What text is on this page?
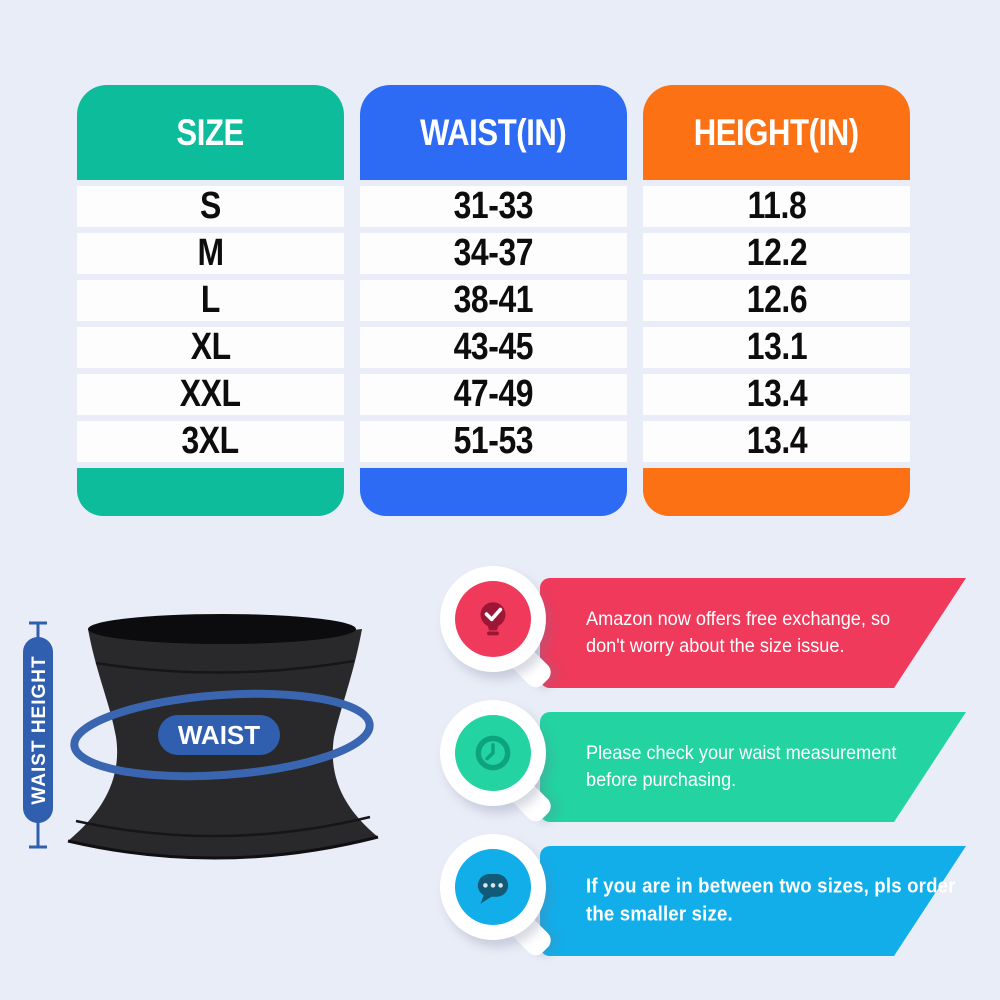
SIZE
S
M
L
XL
XXL
3XL
WAIST(IN)
31-33
34-37
38-41
43-45
47-49
51-53
HEIGHT(IN)
11.8
12.2
12.6
13.1
13.4
13.4
WAIST
WAIST HEIGHT
Amazon now offers free exchange, so
don't worry about the size issue.
Please check your waist measurement
before purchasing.
If you are in between two sizes, pls order
the smaller size.
